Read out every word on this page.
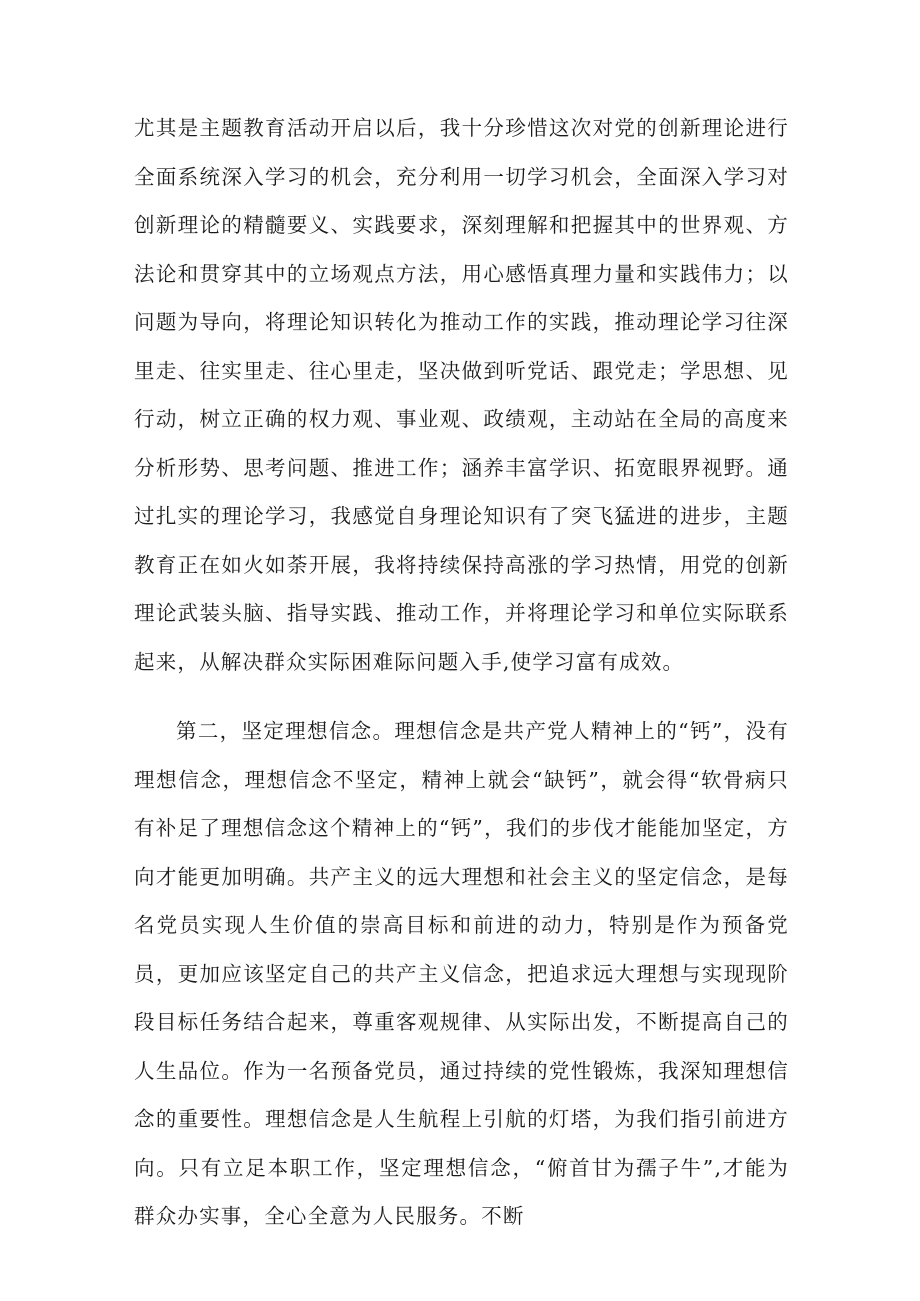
尤其是主题教育活动开启以后，我十分珍惜这次对党的创新理论进行全面系统深入学习的机会，充分利用一切学习机会，全面深入学习对创新理论的精髓要义、实践要求，深刻理解和把握其中的世界观、方法论和贯穿其中的立场观点方法，用心感悟真理力量和实践伟力；以问题为导向，将理论知识转化为推动工作的实践，推动理论学习往深里走、往实里走、往心里走，坚决做到听党话、跟党走；学思想、见行动，树立正确的权力观、事业观、政绩观，主动站在全局的高度来分析形势、思考问题、推进工作；涵养丰富学识、拓宽眼界视野。通过扎实的理论学习，我感觉自身理论知识有了突飞猛进的进步，主题教育正在如火如荼开展，我将持续保持高涨的学习热情，用党的创新理论武装头脑、指导实践、推动工作，并将理论学习和单位实际联系起来，从解决群众实际困难际问题入手,使学习富有成效。

第二，坚定理想信念。理想信念是共产党人精神上的“钙”，没有理想信念，理想信念不坚定，精神上就会“缺钙”，就会得“软骨病只有补足了理想信念这个精神上的“钙”，我们的步伐才能能加坚定，方向才能更加明确。共产主义的远大理想和社会主义的坚定信念，是每名党员实现人生价值的崇高目标和前进的动力，特别是作为预备党员，更加应该坚定自己的共产主义信念，把追求远大理想与实现现阶段目标任务结合起来，尊重客观规律、从实际出发，不断提高自己的人生品位。作为一名预备党员，通过持续的党性锻炼，我深知理想信念的重要性。理想信念是人生航程上引航的灯塔，为我们指引前进方向。只有立足本职工作，坚定理想信念，“俯首甘为孺子牛”,才能为群众办实事，全心全意为人民服务。不断
